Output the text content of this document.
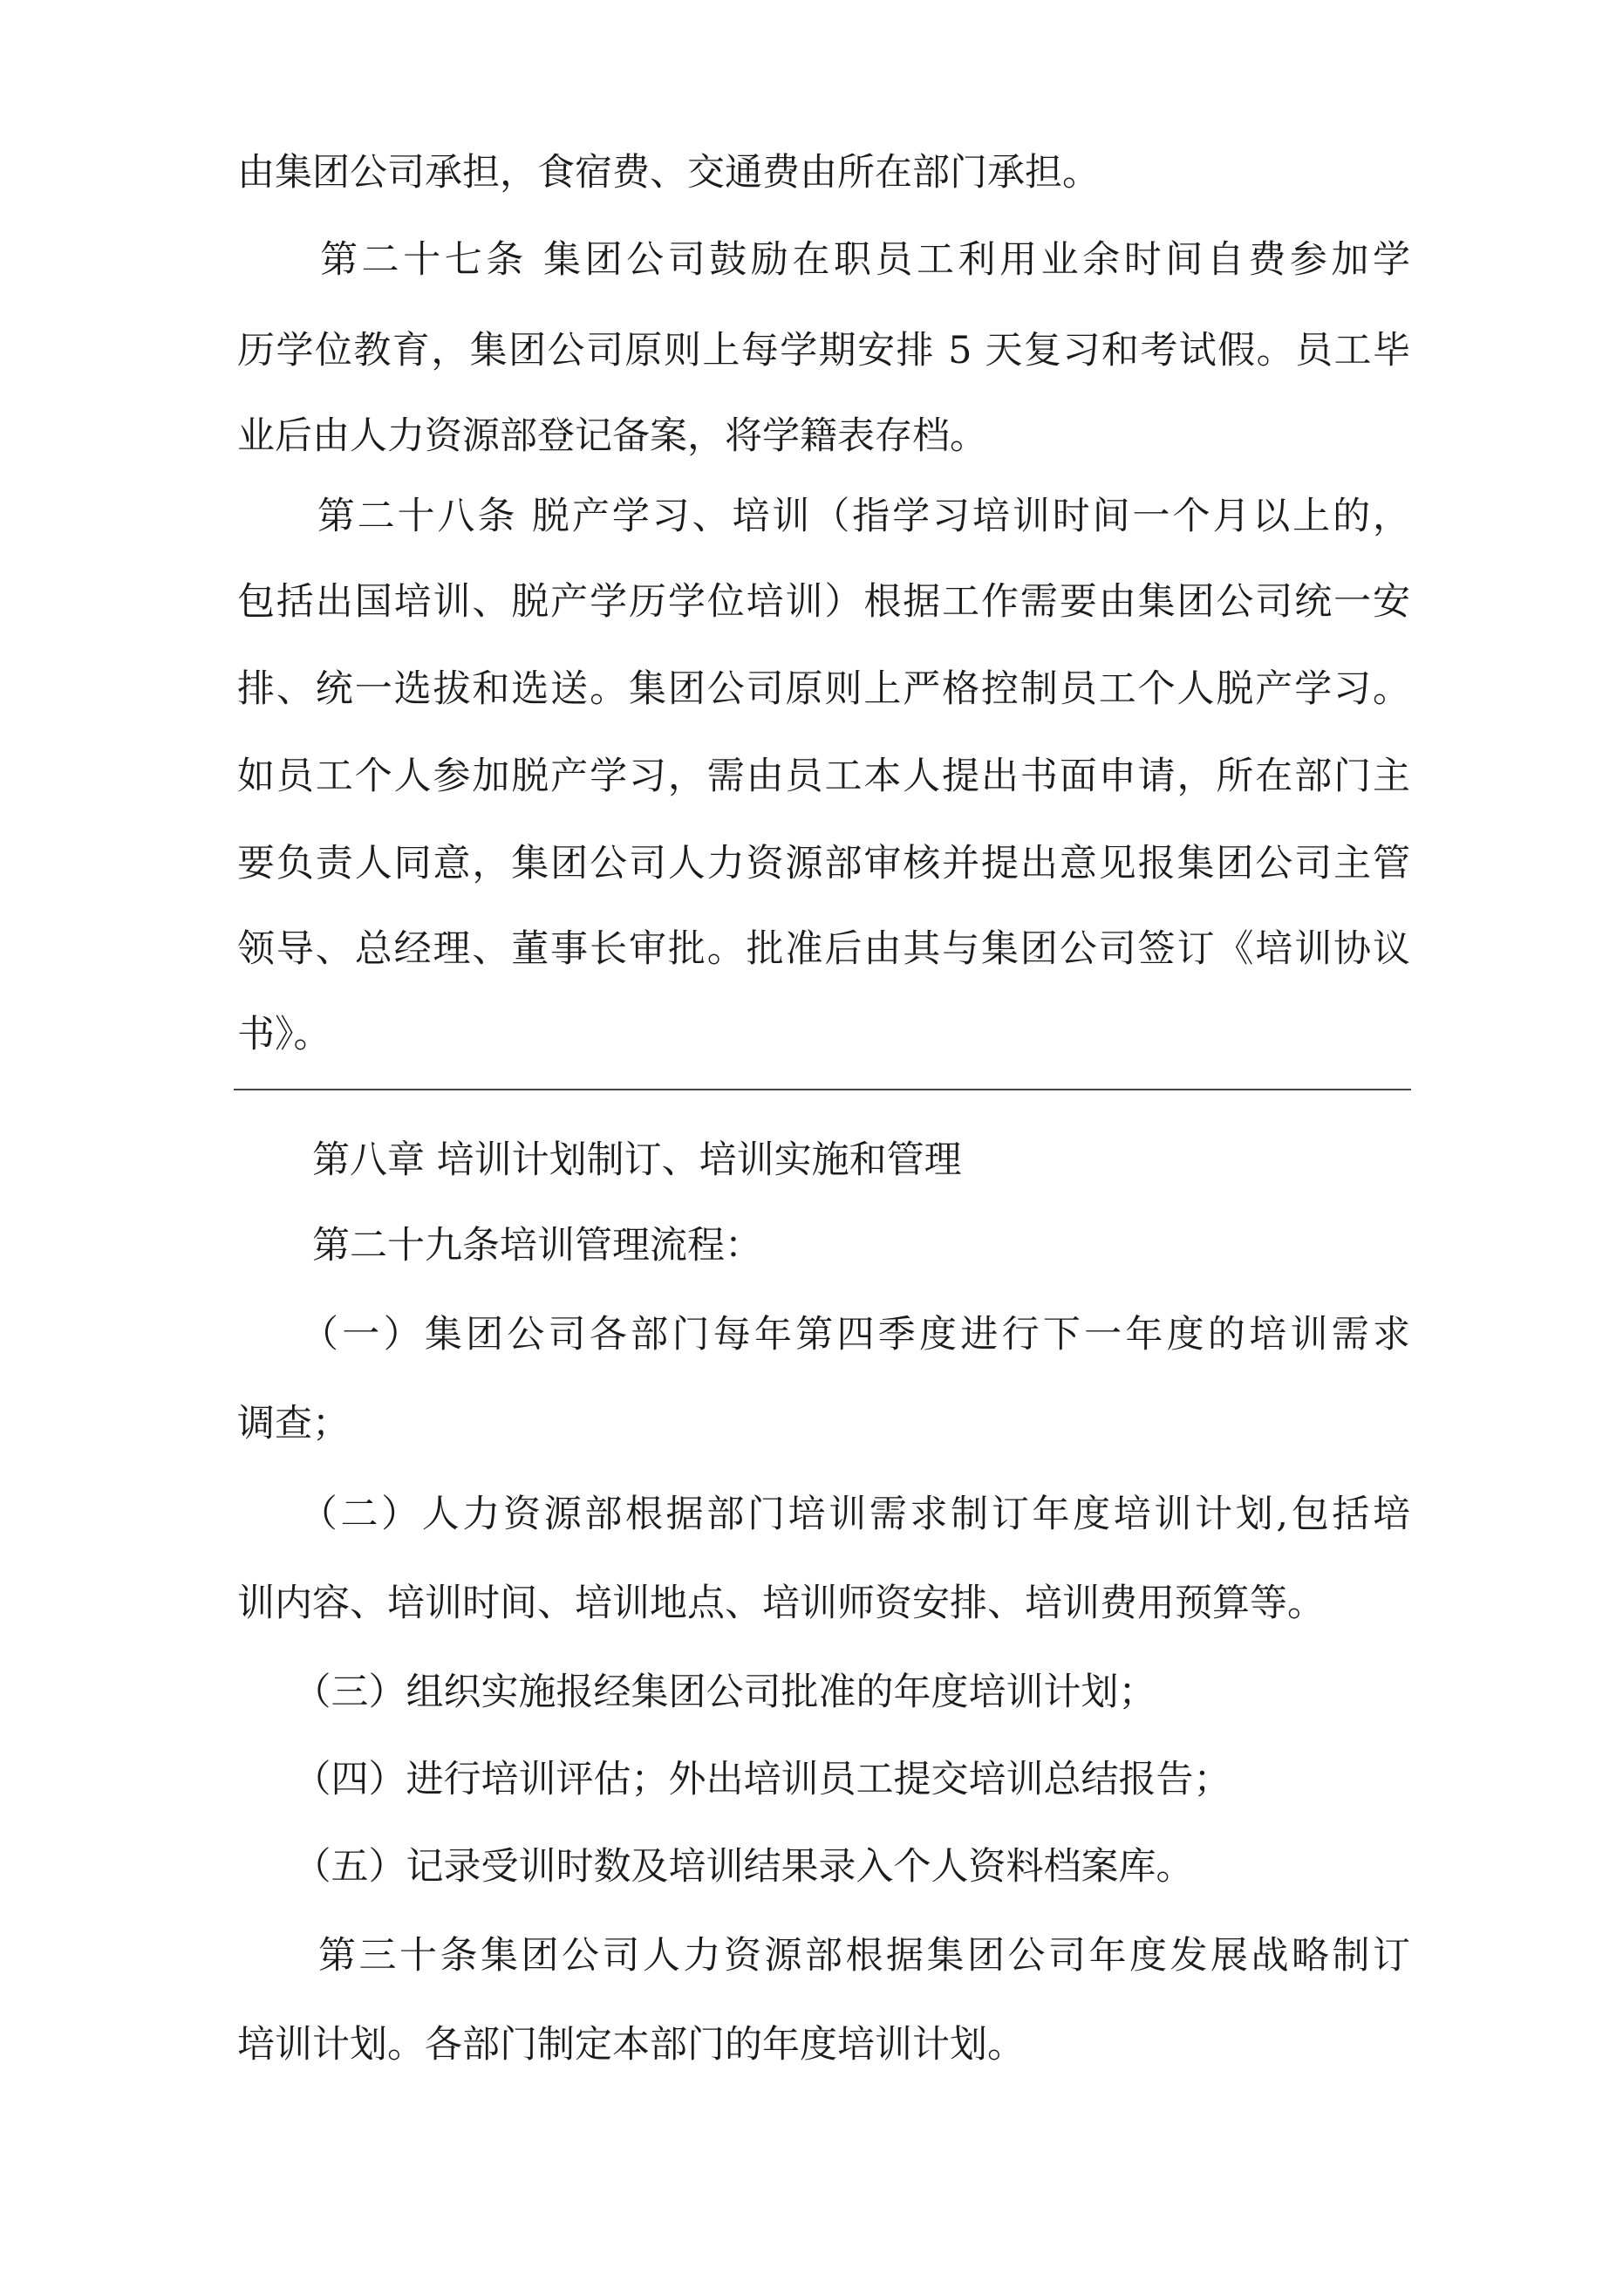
由集团公司承担，食宿费、交通费由所在部门承担。
　　第二十七条 集团公司鼓励在职员工利用业余时间自费参加学
历学位教育，集团公司原则上每学期安排 5 天复习和考试假。员工毕
业后由人力资源部登记备案，将学籍表存档。
　　第二十八条 脱产学习、培训（指学习培训时间一个月以上的，
包括出国培训、脱产学历学位培训）根据工作需要由集团公司统一安
排、统一选拔和选送。集团公司原则上严格控制员工个人脱产学习。
如员工个人参加脱产学习，需由员工本人提出书面申请，所在部门主
要负责人同意，集团公司人力资源部审核并提出意见报集团公司主管
领导、总经理、董事长审批。批准后由其与集团公司签订《培训协议
书》。
　　第八章 培训计划制订、培训实施和管理
　　第二十九条培训管理流程：
　　（一）集团公司各部门每年第四季度进行下一年度的培训需求
调查；
　　（二）人力资源部根据部门培训需求制订年度培训计划,包括培
训内容、培训时间、培训地点、培训师资安排、培训费用预算等。
　　（三）组织实施报经集团公司批准的年度培训计划；
　　（四）进行培训评估；外出培训员工提交培训总结报告；
　　（五）记录受训时数及培训结果录入个人资料档案库。
　　第三十条集团公司人力资源部根据集团公司年度发展战略制订
培训计划。各部门制定本部门的年度培训计划。
